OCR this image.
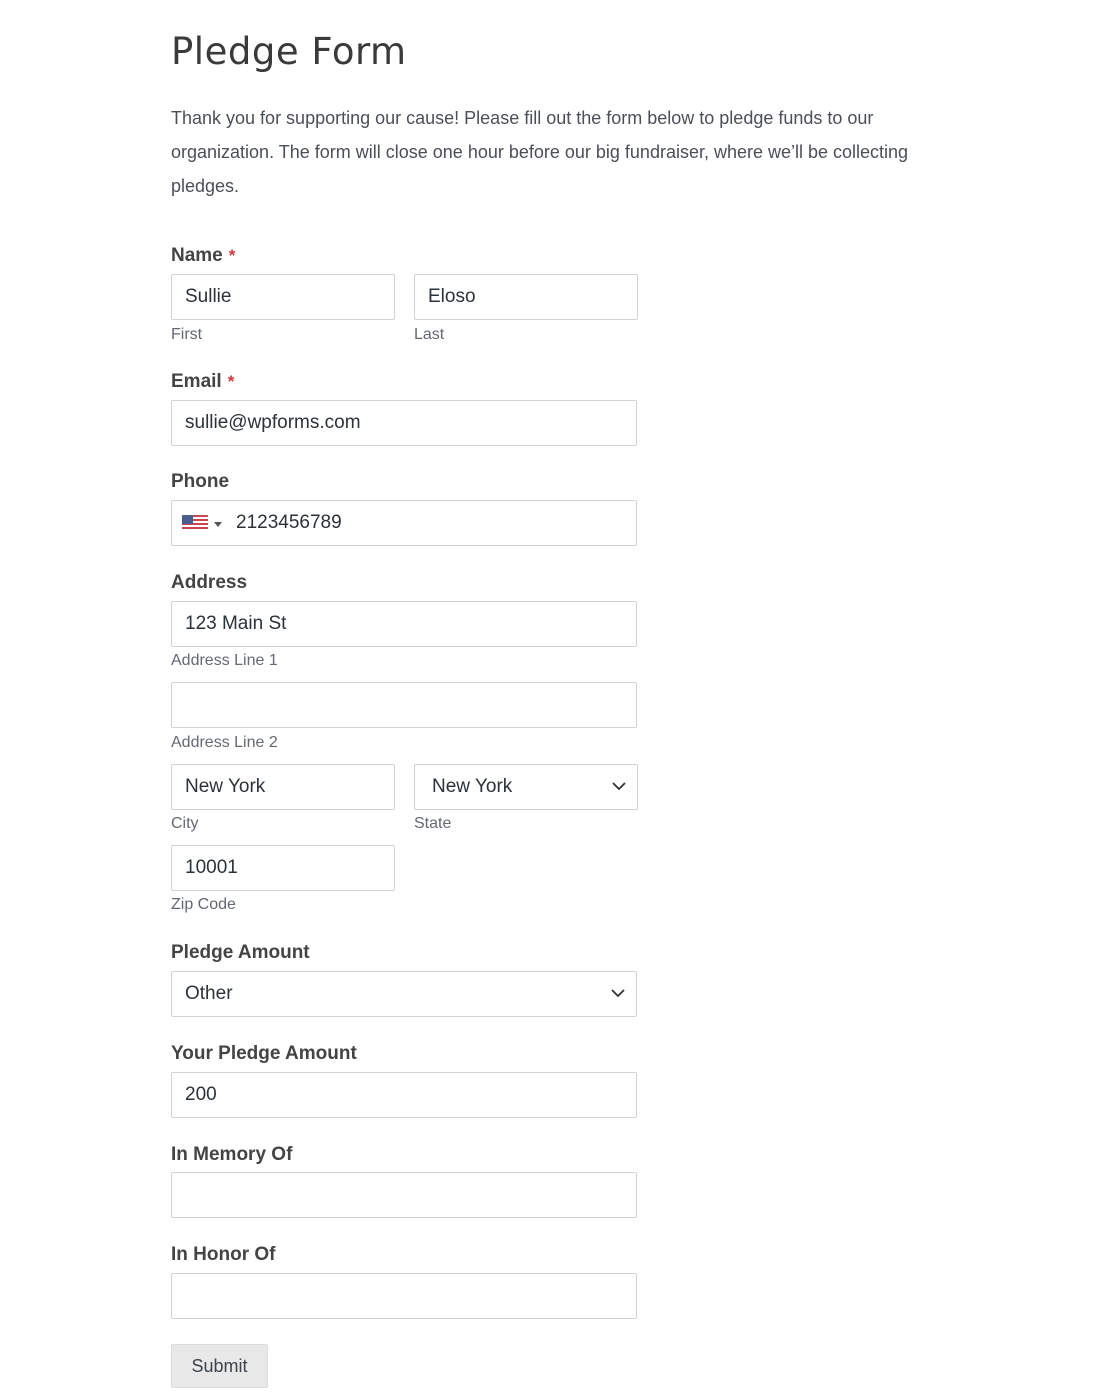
Pledge Form

Thank you for supporting our cause! Please fill out the form below to pledge funds to our organization. The form will close one hour before our big fundraiser, where we’ll be collecting pledges.

Name *
Sullie
First
Eloso
Last
Email *
sullie@wpforms.com
Phone
2123456789
Address
123 Main St
Address Line 1
Address Line 2
New York
City
New York
State
10001
Zip Code
Pledge Amount
Other
Your Pledge Amount
200
In Memory Of
In Honor Of
Submit
